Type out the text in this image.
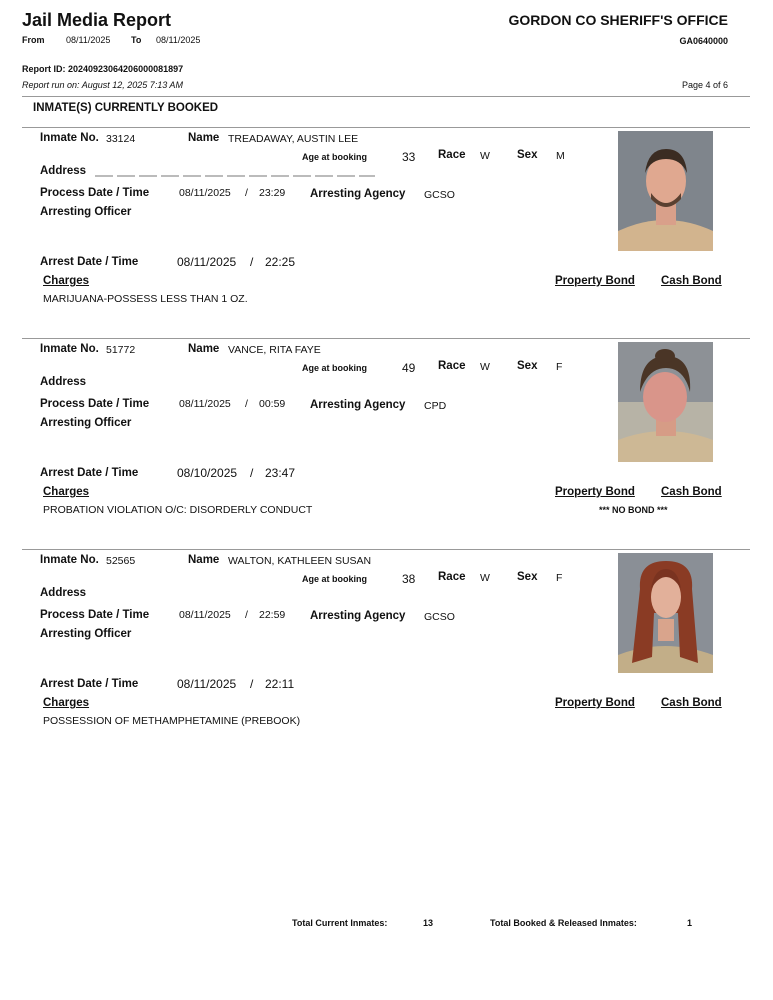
Jail Media Report
From 08/11/2025 To 08/11/2025
GORDON CO SHERIFF'S OFFICE
GA0640000
Report ID: 20240923064206000081897
Report run on: August 12, 2025 7:13 AM	Page 4 of 6
INMATE(S) CURRENTLY BOOKED
Inmate No. 33124	Name TREADAWAY, AUSTIN LEE
Age at booking	33 Race W Sex M
Address
Process Date / Time	08/11/2025 / 23:29 Arresting Agency GCSO
Arresting Officer
Arrest Date / Time	08/11/2025 / 22:25
Charges	Property Bond Cash Bond
MARIJUANA-POSSESS LESS THAN 1 OZ.
Inmate No. 51772	Name VANCE, RITA FAYE
Age at booking	49 Race W Sex F
Address
Process Date / Time	08/11/2025 / 00:59 Arresting Agency CPD
Arresting Officer
Arrest Date / Time	08/10/2025 / 23:47
Charges	Property Bond Cash Bond
PROBATION VIOLATION O/C: DISORDERLY CONDUCT	*** NO BOND ***
Inmate No. 52565	Name WALTON, KATHLEEN SUSAN
Age at booking	38 Race W Sex F
Address
Process Date / Time	08/11/2025 / 22:59 Arresting Agency GCSO
Arresting Officer
Arrest Date / Time	08/11/2025 / 22:11
Charges	Property Bond Cash Bond
POSSESSION OF METHAMPHETAMINE (PREBOOK)
Total Current Inmates:	13	Total Booked & Released Inmates:	1
